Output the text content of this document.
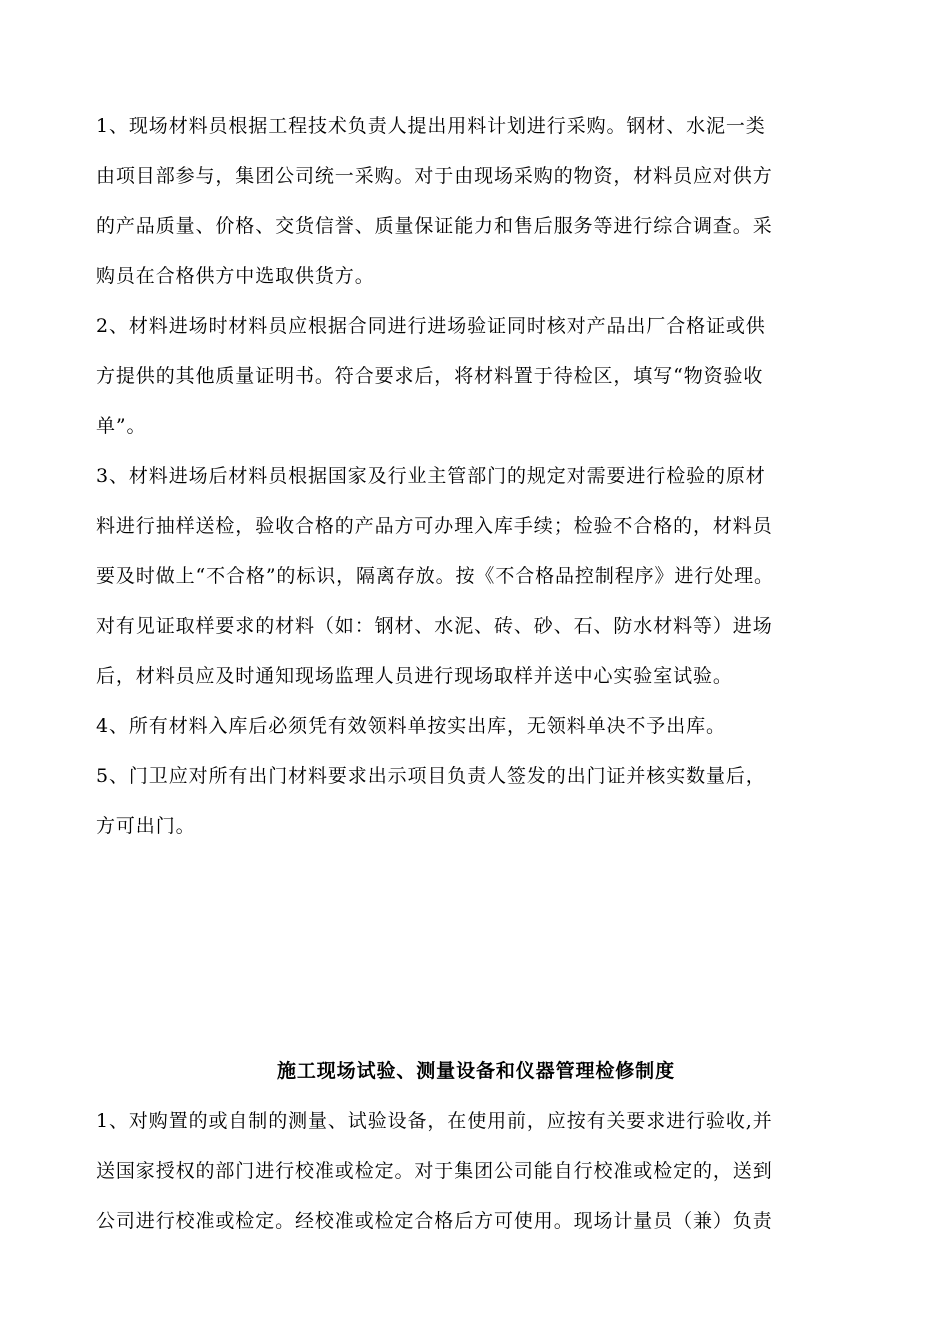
1、现场材料员根据工程技术负责人提出用料计划进行采购。钢材、水泥一类
由项目部参与，集团公司统一采购。对于由现场采购的物资，材料员应对供方
的产品质量、价格、交货信誉、质量保证能力和售后服务等进行综合调查。采
购员在合格供方中选取供货方。
2、材料进场时材料员应根据合同进行进场验证同时核对产品出厂合格证或供
方提供的其他质量证明书。符合要求后，将材料置于待检区，填写“物资验收
单”。
3、材料进场后材料员根据国家及行业主管部门的规定对需要进行检验的原材
料进行抽样送检，验收合格的产品方可办理入库手续；检验不合格的，材料员
要及时做上“不合格”的标识，隔离存放。按《不合格品控制程序》进行处理。
对有见证取样要求的材料（如：钢材、水泥、砖、砂、石、防水材料等）进场
后，材料员应及时通知现场监理人员进行现场取样并送中心实验室试验。
4、所有材料入库后必须凭有效领料单按实出库，无领料单决不予出库。
5、门卫应对所有出门材料要求出示项目负责人签发的出门证并核实数量后，
方可出门。
施工现场试验、测量设备和仪器管理检修制度
1、对购置的或自制的测量、试验设备，在使用前，应按有关要求进行验收,并
送国家授权的部门进行校准或检定。对于集团公司能自行校准或检定的，送到
公司进行校准或检定。经校准或检定合格后方可使用。现场计量员（兼）负责
